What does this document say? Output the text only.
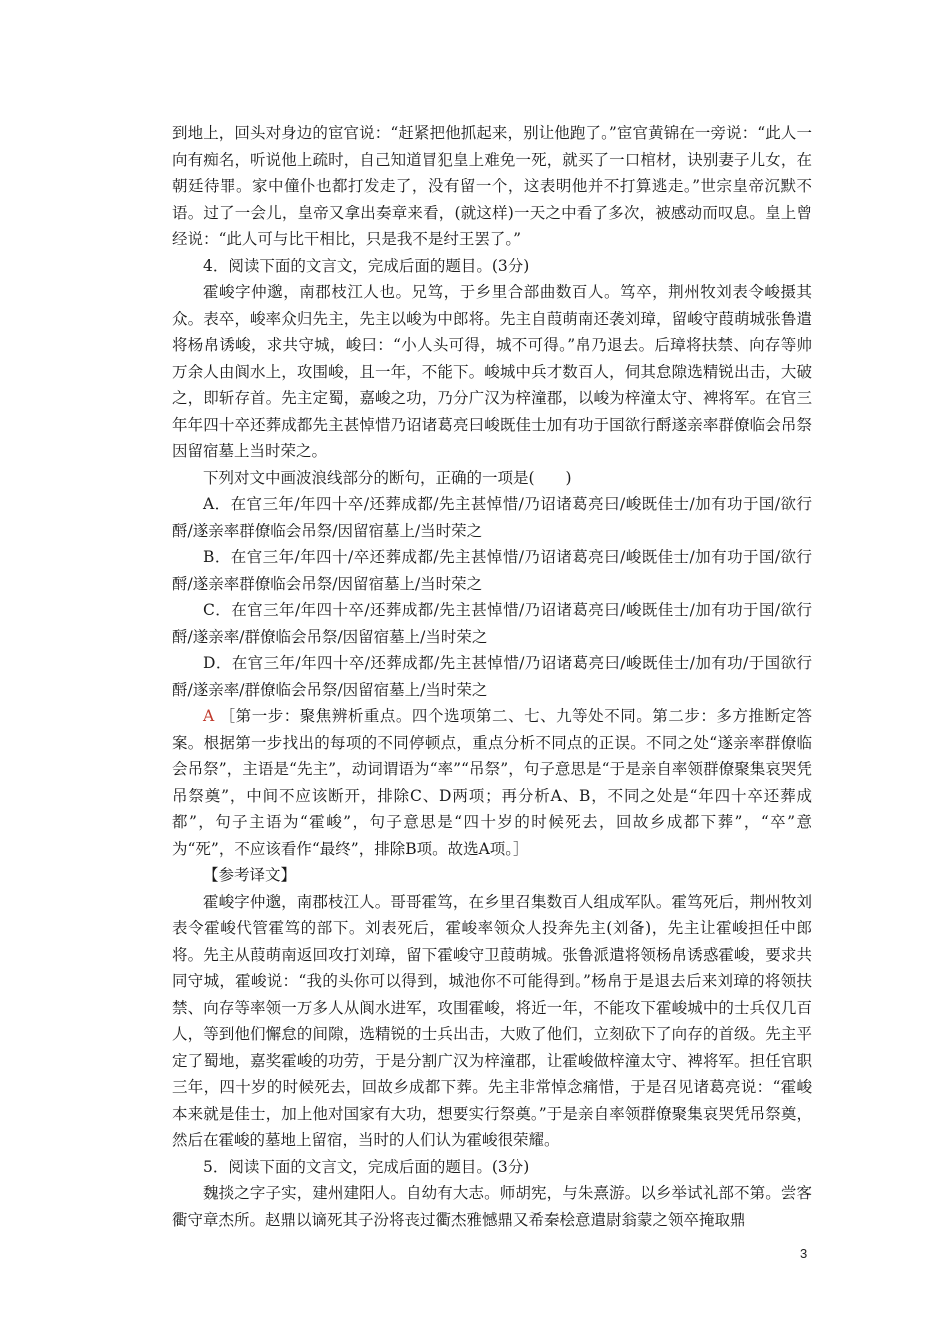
到地上，回头对身边的宦官说：“赶紧把他抓起来，别让他跑了。”宦官黄锦在一旁说：“此人一向有痴名，听说他上疏时，自己知道冒犯皇上难免一死，就买了一口棺材，诀别妻子儿女，在朝廷待罪。家中僮仆也都打发走了，没有留一个，这表明他并不打算逃走。”世宗皇帝沉默不语。过了一会儿，皇帝又拿出奏章来看，(就这样)一天之中看了多次，被感动而叹息。皇上曾经说：“此人可与比干相比，只是我不是纣王罢了。”

4．阅读下面的文言文，完成后面的题目。(3分)

霍峻字仲邈，南郡枝江人也。兄笃，于乡里合部曲数百人。笃卒，荆州牧刘表令峻摄其众。表卒，峻率众归先主，先主以峻为中郎将。先主自葭萌南还袭刘璋，留峻守葭萌城张鲁遣将杨帛诱峻，求共守城，峻曰：“小人头可得，城不可得。”帛乃退去。后璋将扶禁、向存等帅万余人由阆水上，攻围峻，且一年，不能下。峻城中兵才数百人，伺其怠隙选精锐出击，大破之，即斩存首。先主定蜀，嘉峻之功，乃分广汉为梓潼郡，以峻为梓潼太守、裨将军。在官三年年四十卒还葬成都先主甚悼惜乃诏诸葛亮曰峻既佳士加有功于国欲行酹遂亲率群僚临会吊祭因留宿墓上当时荣之。

下列对文中画波浪线部分的断句，正确的一项是(　　)

A．在官三年/年四十卒/还葬成都/先主甚悼惜/乃诏诸葛亮曰/峻既佳士/加有功于国/欲行酹/遂亲率群僚临会吊祭/因留宿墓上/当时荣之

B．在官三年/年四十/卒还葬成都/先主甚悼惜/乃诏诸葛亮曰/峻既佳士/加有功于国/欲行酹/遂亲率群僚临会吊祭/因留宿墓上/当时荣之

C．在官三年/年四十卒/还葬成都/先主甚悼惜/乃诏诸葛亮曰/峻既佳士/加有功于国/欲行酹/遂亲率/群僚临会吊祭/因留宿墓上/当时荣之

D．在官三年/年四十卒/还葬成都/先主甚悼惜/乃诏诸葛亮曰/峻既佳士/加有功/于国欲行酹/遂亲率/群僚临会吊祭/因留宿墓上/当时荣之

A ［第一步：聚焦辨析重点。四个选项第二、七、九等处不同。第二步：多方推断定答案。根据第一步找出的每项的不同停顿点，重点分析不同点的正误。不同之处“遂亲率群僚临会吊祭”，主语是“先主”，动词谓语为“率”“吊祭”，句子意思是“于是亲自率领群僚聚集哀哭凭吊祭奠”，中间不应该断开，排除C、D两项；再分析A、B，不同之处是“年四十卒还葬成都”，句子主语为“霍峻”，句子意思是“四十岁的时候死去，回故乡成都下葬”，“卒”意为“死”，不应该看作“最终”，排除B项。故选A项。］

【参考译文】

霍峻字仲邈，南郡枝江人。哥哥霍笃，在乡里召集数百人组成军队。霍笃死后，荆州牧刘表令霍峻代管霍笃的部下。刘表死后，霍峻率领众人投奔先主(刘备)，先主让霍峻担任中郎将。先主从葭萌南返回攻打刘璋，留下霍峻守卫葭萌城。张鲁派遣将领杨帛诱惑霍峻，要求共同守城，霍峻说：“我的头你可以得到，城池你不可能得到。”杨帛于是退去后来刘璋的将领扶禁、向存等率领一万多人从阆水进军，攻围霍峻，将近一年，不能攻下霍峻城中的士兵仅几百人，等到他们懈怠的间隙，选精锐的士兵出击，大败了他们，立刻砍下了向存的首级。先主平定了蜀地，嘉奖霍峻的功劳，于是分割广汉为梓潼郡，让霍峻做梓潼太守、裨将军。担任官职三年，四十岁的时候死去，回故乡成都下葬。先主非常悼念痛惜，于是召见诸葛亮说：“霍峻本来就是佳士，加上他对国家有大功，想要实行祭奠。”于是亲自率领群僚聚集哀哭凭吊祭奠，然后在霍峻的墓地上留宿，当时的人们认为霍峻很荣耀。

5．阅读下面的文言文，完成后面的题目。(3分)

魏掞之字子实，建州建阳人。自幼有大志。师胡宪，与朱熹游。以乡举试礼部不第。尝客衢守章杰所。赵鼎以谪死其子汾将丧过衢杰雅憾鼎又希秦桧意遣尉翁蒙之领卒掩取鼎

3
